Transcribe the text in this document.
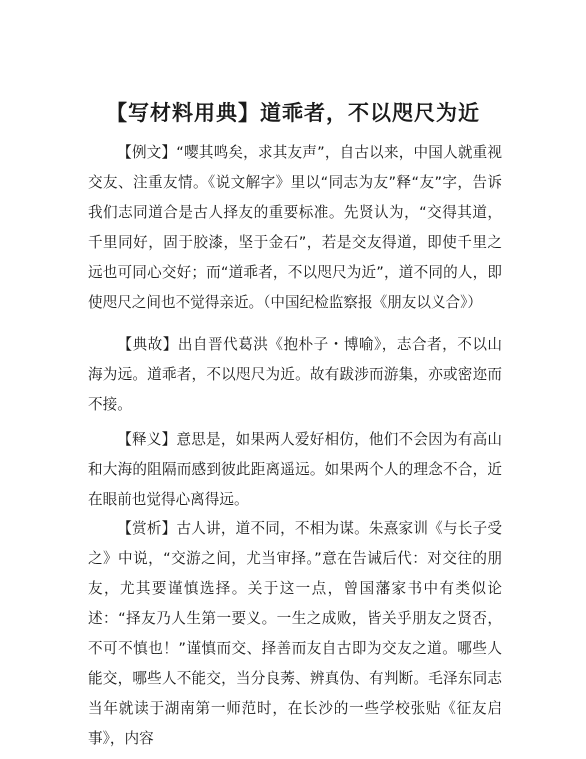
【写材料用典】道乖者，不以咫尺为近
【例文】“嘤其鸣矣，求其友声”，自古以来，中国人就重视交友、注重友情。《说文解字》里以“同志为友”释“友”字，告诉我们志同道合是古人择友的重要标准。先贤认为，“交得其道，千里同好，固于胶漆，坚于金石”，若是交友得道，即使千里之远也可同心交好；而“道乖者，不以咫尺为近”，道不同的人，即使咫尺之间也不觉得亲近。（中国纪检监察报《朋友以义合》）
【典故】出自晋代葛洪《抱朴子・博喻》，志合者，不以山海为远。道乖者，不以咫尺为近。故有跋涉而游集，亦或密迩而不接。
【释义】意思是，如果两人爱好相仿，他们不会因为有高山和大海的阻隔而感到彼此距离遥远。如果两个人的理念不合，近在眼前也觉得心离得远。
【赏析】古人讲，道不同，不相为谋。朱熹家训《与长子受之》中说，“交游之间，尤当审择。”意在告诫后代：对交往的朋友，尤其要谨慎选择。关于这一点，曾国藩家书中有类似论述：“择友乃人生第一要义。一生之成败，皆关乎朋友之贤否，不可不慎也！”谨慎而交、择善而友自古即为交友之道。哪些人能交，哪些人不能交，当分良莠、辨真伪、有判断。毛泽东同志当年就读于湖南第一师范时，在长沙的一些学校张贴《征友启事》，内容
